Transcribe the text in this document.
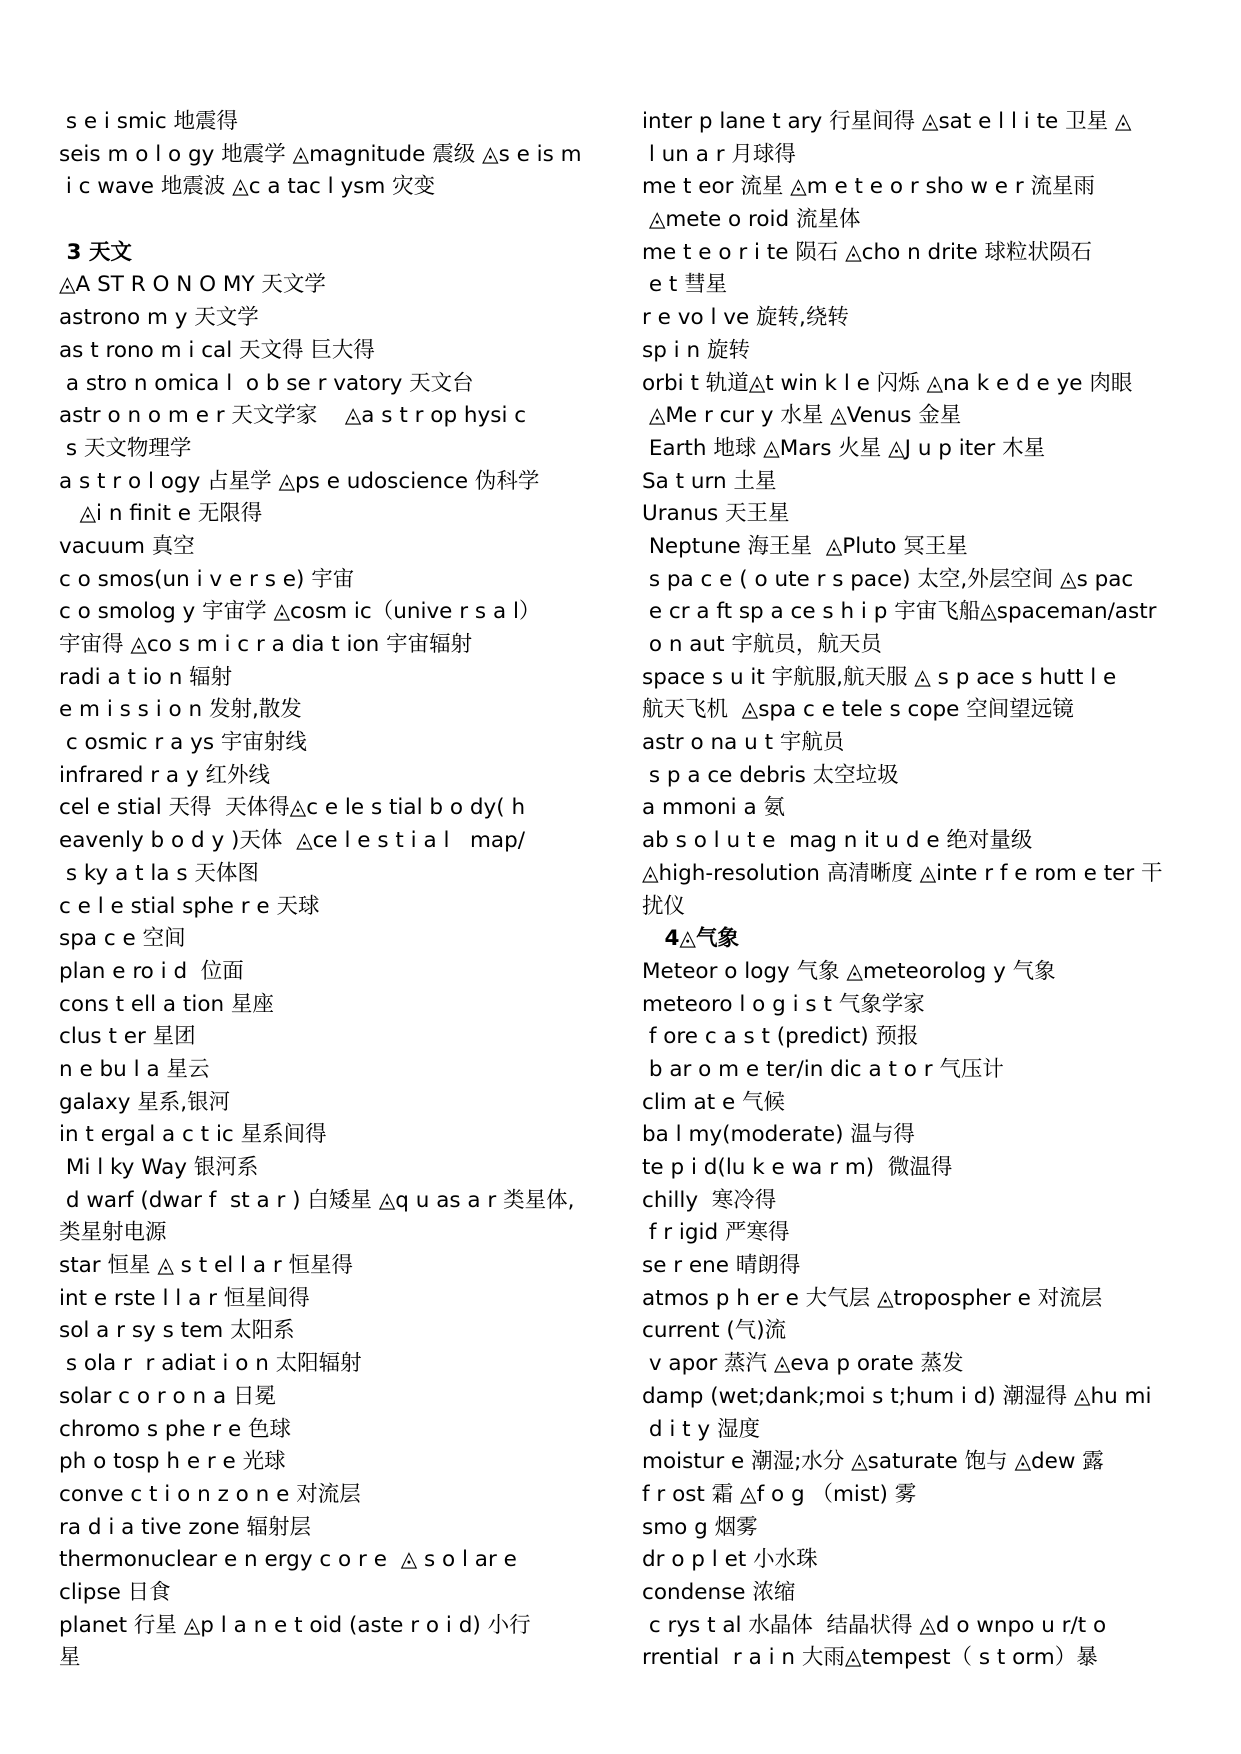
s e i smic 地震得
seis m o l o gy 地震学 ◬magnitude 震级 ◬s e is m
i c wave 地震波 ◬c a tac l ysm 灾变
3 天文
◬A ST R O N O MY 天文学
astrono m y 天文学
as t rono m i cal 天文得 巨大得
a stro n omica l  o b se r vatory 天文台
astr o n o m e r 天文学家    ◬a s t r op hysi c
s 天文物理学
a s t r o l ogy 占星学 ◬ps e udoscience 伪科学
◬i n finit e 无限得
vacuum 真空
c o smos(un i v e r s e) 宇宙
c o smolog y 宇宙学 ◬cosm ic（unive r s a l）
宇宙得 ◬co s m i c r a dia t ion 宇宙辐射
radi a t io n 辐射
e m i s s i o n 发射,散发
c osmic r a ys 宇宙射线
infrared r a y 红外线
cel e stial 天得  天体得◬c e le s tial b o dy( h
eavenly b o d y )天体  ◬ce l e s t i a l   map/
s ky a t la s 天体图
c e l e stial sphe r e 天球
spa c e 空间
plan e ro i d  位面
cons t ell a tion 星座
clus t er 星团
n e bu l a 星云
galaxy 星系,银河
in t ergal a c t ic 星系间得
Mi l ky Way 银河系
d warf (dwar f  st a r ) 白矮星 ◬q u as a r 类星体,
类星射电源
star 恒星 ◬ s t el l a r 恒星得
int e rste l l a r 恒星间得
sol a r sy s tem 太阳系
s ola r  r adiat i o n 太阳辐射
solar c o r o n a 日冕
chromo s phe r e 色球
ph o tosp h e r e 光球
conve c t i o n z o n e 对流层
ra d i a tive zone 辐射层
thermonuclear e n ergy c o r e  ◬ s o l ar e
clipse 日食
planet 行星 ◬p l a n e t oid (aste r o i d) 小行
星
inter p lane t ary 行星间得 ◬sat e l l i te 卫星 ◬
l un a r 月球得
me t eor 流星 ◬m e t e o r sho w e r 流星雨
◬mete o roid 流星体
me t e o r i te 陨石 ◬cho n drite 球粒状陨石
e t 彗星
r e vo l ve 旋转,绕转
sp i n 旋转
orbi t 轨道◬t win k l e 闪烁 ◬na k e d e ye 肉眼
◬Me r cur y 水星 ◬Venus 金星
Earth 地球 ◬Mars 火星 ◬J u p iter 木星
Sa t urn 土星
Uranus 天王星
Neptune 海王星  ◬Pluto 冥王星
s pa c e ( o ute r s pace) 太空,外层空间 ◬s pac
e cr a ft sp a ce s h i p 宇宙飞船◬spaceman/astr
o n aut 宇航员，航天员
space s u it 宇航服,航天服 ◬ s p ace s hutt l e
航天飞机  ◬spa c e tele s cope 空间望远镜
astr o na u t 宇航员
s p a ce debris 太空垃圾
a mmoni a 氨
ab s o l u t e  mag n it u d e 绝对量级
◬high-resolution 高清晰度 ◬inte r f e rom e ter 干
扰仪
4◬气象
Meteor o logy 气象 ◬meteorolog y 气象
meteoro l o g i s t 气象学家
f ore c a s t (predict) 预报
b ar o m e ter/in dic a t o r 气压计
clim at e 气候
ba l my(moderate) 温与得
te p i d(lu k e wa r m)  微温得
chilly  寒冷得
f r igid 严寒得
se r ene 晴朗得
atmos p h er e 大气层 ◬tropospher e 对流层
current (气)流
v apor 蒸汽 ◬eva p orate 蒸发
damp (wet;dank;moi s t;hum i d) 潮湿得 ◬hu mi
d i t y 湿度
moistur e 潮湿;水分 ◬saturate 饱与 ◬dew 露
f r ost 霜 ◬f o g （mist) 雾
smo g 烟雾
dr o p l et 小水珠
condense 浓缩
c rys t al 水晶体  结晶状得 ◬d o wnpo u r/t o
rrential  r a i n 大雨◬tempest（ s t orm）暴
